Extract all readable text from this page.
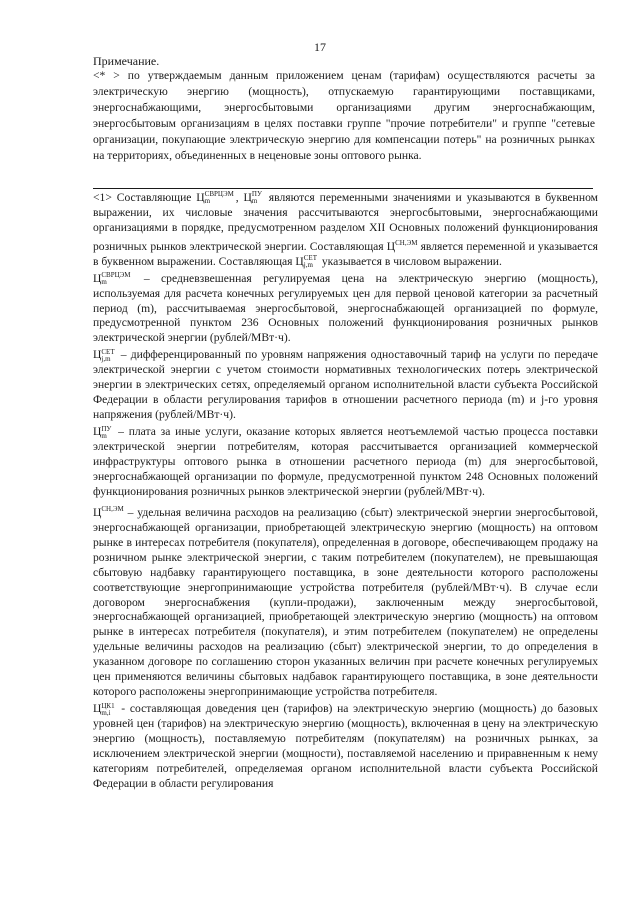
17
Примечание.
<* > по утверждаемым данным приложением ценам (тарифам) осуществляются расчеты за электрическую энергию (мощность), отпускаемую гарантирующими поставщиками, энергоснабжающими, энергосбытовыми организациями другим энергоснабжающим, энергосбытовым организациям в целях поставки группе "прочие потребители" и группе "сетевые организации, покупающие электрическую энергию для компенсации потерь" на розничных рынках на территориях, объединенных в неценовые зоны оптового рынка.

<1> Составляющие Ц СВРЦЭМ
m	, Ц ПУ
m являются переменными значениями и указываются в буквенном выражении, их числовые значения рассчитываются энергосбытовыми, энергоснабжающими организациями в порядке, предусмотренном разделом XII Основных положений функционирования розничных рынков электрической энергии. Составляющая $Ц^{СН,ЭМ}$ является переменной и указывается в буквенном выражении. Составляющая Ц СЕТ
j,m указывается в числовом выражении.

Ц СВРЦЭМ
m	– средневзвешенная регулируемая цена на электрическую энергию (мощность), используемая для расчета конечных регулируемых цен для первой ценовой категории за расчетный период (m), рассчитываемая энергосбытовой, энергоснабжающей организацией по формуле, предусмотренной пунктом 236 Основных положений функционирования розничных рынков электрической энергии (рублей/МВт·ч).

Ц СЕТ
j,m – дифференцированный по уровням напряжения одноставочный тариф на услуги по передаче электрической энергии с учетом стоимости нормативных технологических потерь электрической энергии в электрических сетях, определяемый органом исполнительной власти субъекта Российской Федерации в области регулирования тарифов в отношении расчетного периода (m) и j-го уровня напряжения (рублей/МВт·ч).

Ц ПУ
m – плата за иные услуги, оказание которых является неотъемлемой частью процесса поставки электрической энергии потребителям, которая рассчитывается организацией коммерческой инфраструктуры оптового рынка в отношении расчетного периода (m) для энергосбытовой, энергоснабжающей организации по формуле, предусмотренной пунктом 248 Основных положений функционирования розничных рынков электрической энергии (рублей/МВт·ч).

$Ц^{СН,ЭМ}$ – удельная величина расходов на реализацию (сбыт) электрической энергии энергосбытовой, энергоснабжающей организации, приобретающей электрическую энергию (мощность) на оптовом рынке в интересах потребителя (покупателя), определенная в договоре, обеспечивающем продажу на розничном рынке электрической энергии, с таким потребителем (покупателем), не превышающая сбытовую надбавку гарантирующего поставщика, в зоне деятельности которого расположены соответствующие энергопринимающие устройства потребителя (рублей/МВт·ч). В случае если договором энергоснабжения (купли-продажи), заключенным между энергосбытовой, энергоснабжающей организацией, приобретающей электрическую энергию (мощность) на оптовом рынке в интересах потребителя (покупателя), и этим потребителем (покупателем) не определены удельные величины расходов на реализацию (сбыт) электрической энергии, то до определения в указанном договоре по соглашению сторон указанных величин при расчете конечных регулируемых цен применяются величины сбытовых надбавок гарантирующего поставщика, в зоне деятельности которого расположены энергопринимающие устройства потребителя.

Ц ЦК1
m,i - составляющая доведения цен (тарифов) на электрическую энергию (мощность) до базовых уровней цен (тарифов) на электрическую энергию (мощность), включенная в цену на электрическую энергию (мощность), поставляемую потребителям (покупателям) на розничных рынках, за исключением электрической энергии (мощности), поставляемой населению и приравненным к нему категориям потребителей, определяемая органом исполнительной власти субъекта Российской Федерации в области регулирования
